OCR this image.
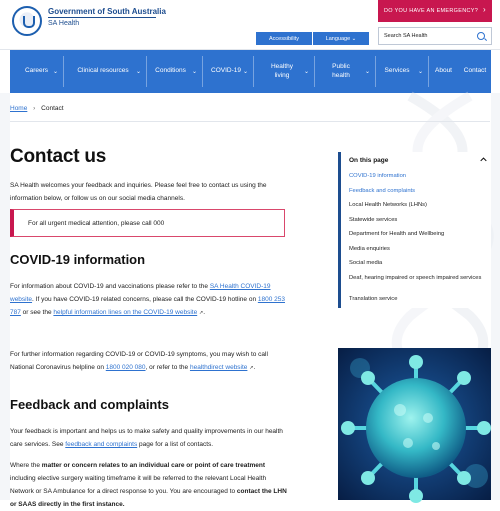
Government of South Australia
SA Health
DO YOU HAVE AN EMERGENCY? ›
Accessibility	Language ⌄
Search SA Health
Careers ⌄	Clinical resources ⌄ Conditions ⌄ COVID-19 ⌄
Healthy living	⌄
Public health	⌄ Services ⌄ About Contact
Home › Contact
Contact us

SA Health welcomes your feedback and inquiries. Please feel free to contact us using the information below, or follow us on our social media channels.

For all urgent medical attention, please call 000
COVID-19 information

For information about COVID-19 and vaccinations please refer to the SA Health COVID-19 website. If you have COVID-19 related concerns, please call the COVID-19 hotline on 1800 253 787 or see the helpful information lines on the COVID-19 website ↗.

For further information regarding COVID-19 or COVID-19 symptoms, you may wish to call National Coronavirus helpline on 1800 020 080, or refer to the healthdirect website ↗.

Feedback and complaints

Your feedback is important and helps us to make safety and quality improvements in our health care services. See feedback and complaints page for a list of contacts.

Where the matter or concern relates to an individual care or point of care treatment including elective surgery waiting timeframe it will be referred to the relevant Local Health Network or SA Ambulance for a direct response to you. You are encouraged to contact the LHN or SAAS directly in the first instance.

On this page
COVID-19 information
Feedback and complaints
Local Health Networks (LHNs)
Statewide services
Department for Health and Wellbeing
Media enquiries
Social media
Deaf, hearing impaired or speech impaired services
Translation service
